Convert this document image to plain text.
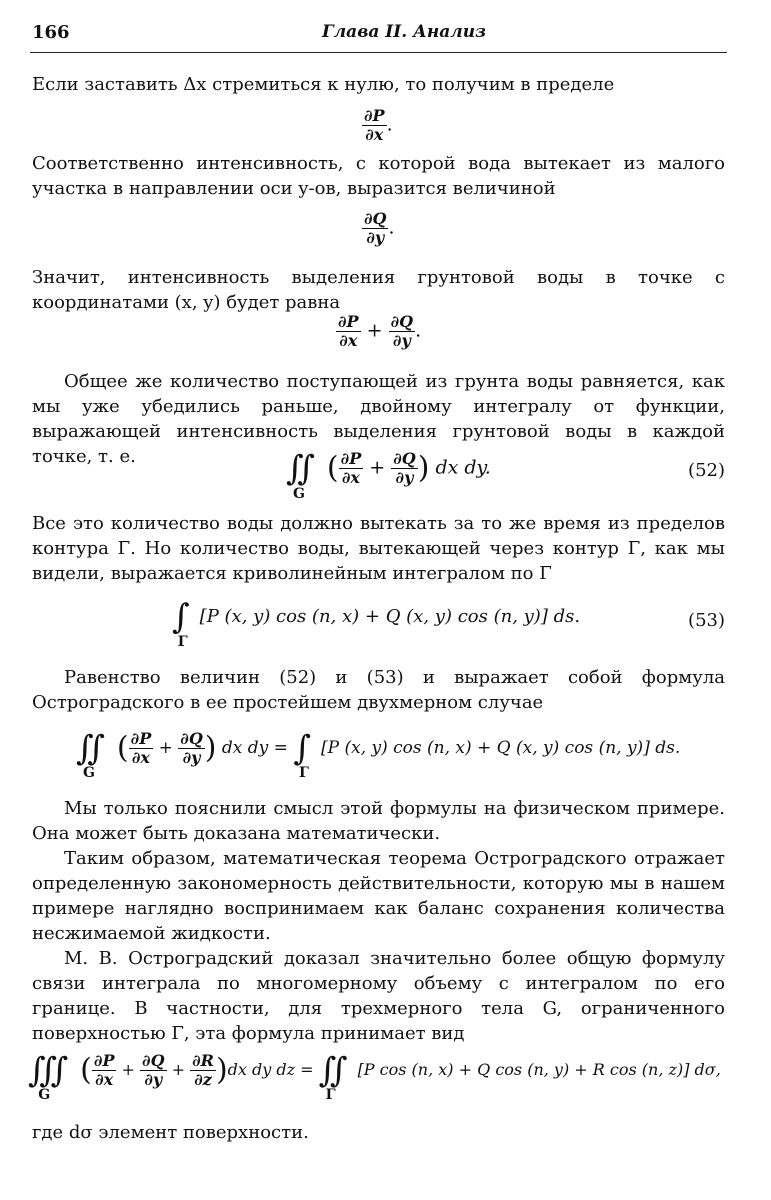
166	Глава II. Анализ
Если заставить Δx стремиться к нулю, то получим в пределе
$\frac{\partial P}{\partial x}$ .
Соответственно интенсивность, с которой вода вытекает из малого участка в направлении оси y-ов, выразится величиной
$\frac{\partial Q}{\partial y}$ .
Значит, интенсивность выделения грунтовой воды в точке с координатами (x, y) будет равна
$\frac{\partial P}{\partial x} + \frac{\partial Q}{\partial y}$ .
Общее же количество поступающей из грунта воды равняется, как мы уже убедились раньше, двойному интегралу от функции, выражающей интенсивность выделения грунтовой воды в каждой точке, т. е.	$∬_G( \frac{\partial P}{\partial x} + \frac{\partial Q}{\partial y}$ ) dx dy.	(52)
Все это количество воды должно вытекать за то же время из пределов контура Γ. Но количество воды, вытекающей через контур Γ, как мы видели, выражается криволинейным интегралом по Γ
$\int_\Gamma[P$ (x, y) cos (n, x) + Q (x, y) cos (n, y)] ds.	(53)
Равенство величин (52) и (53) и выражает собой формула Остроградского в ее простейшем двухмерном случае
$∬_G( \frac{\partial P}{\partial x} + \frac{\partial Q}{\partial y}$ ) dx dy = $\int_\Gamma[P$ (x, y) cos (n, x) + Q (x, y) cos (n, y)] ds.
Мы только пояснили смысл этой формулы на физическом примере. Она может быть доказана математически.
Таким образом, математическая теорема Остроградского отражает определенную закономерность действительности, которую мы в нашем примере наглядно воспринимаем как баланс сохранения количества несжимаемой жидкости.
М. В. Остроградский доказал значительно более общую формулу связи интеграла по многомерному объему с интегралом по его границе. В частности, для трехмерного тела G, ограниченного поверхностью Γ, эта формула принимает вид
∭G( $\frac{\partial P}{\partial x} + \frac{\partial Q}{\partial y} + \frac{\partial R}{\partial z} )dx$ dy dz = ∬Γ[P cos (n, x) + Q cos (n, y) + R cos (n, z)] dσ,
где dσ элемент поверхности.
